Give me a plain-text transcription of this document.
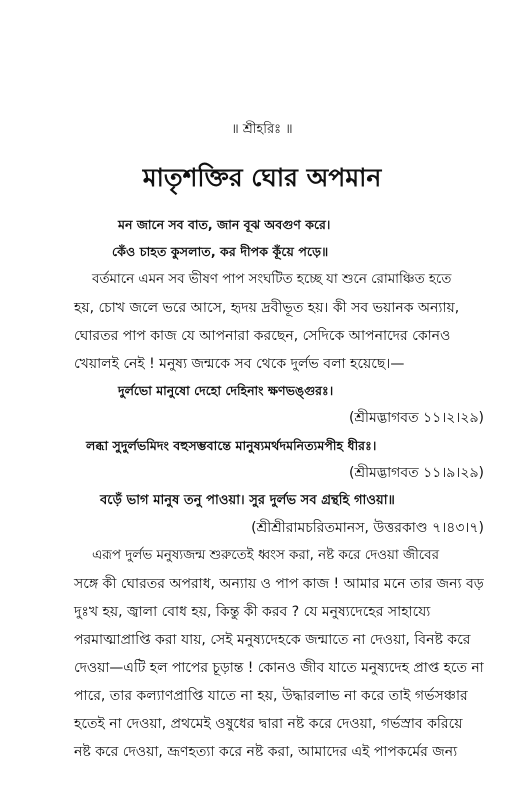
॥ শ্রীহরিঃ ॥
মাতৃশক্তির ঘোর অপমান
মন জানে সব বাত, জান বূঝ অবগুণ করে।
কেঁও চাহত কুসলাত, কর দীপক কূঁয়ে পড়ে॥
বর্তমানে এমন সব ভীষণ পাপ সংঘটিত হচ্ছে যা শুনে রোমাঞ্চিত হতে
হয়, চোখ জলে ভরে আসে, হৃদয় দ্রবীভূত হয়। কী সব ভয়ানক অন্যায়,
ঘোরতর পাপ কাজ যে আপনারা করছেন, সেদিকে আপনাদের কোনও
খেয়ালই নেই ! মনুষ্য জন্মকে সব থেকে দুর্লভ বলা হয়েছে।—
দুর্লভো মানুষো দেহো দেহিনাং ক্ষণভঙ্গুরঃ।
(শ্রীমদ্ভাগবত ১১।২।২৯)
লব্ধা সুদুর্লভমিদং বহুসম্ভবান্তে মানুষ্যমর্থদমনিত্যমপীহ ধীরঃ।
(শ্রীমদ্ভাগবত ১১।৯।২৯)
বড়েঁ ভাগ মানুষ তনু পাওয়া। সুর দুর্লভ সব গ্রন্থহি গাওয়া॥
(শ্রীশ্রীরামচরিতমানস, উত্তরকাণ্ড ৭।৪৩।৭)
এরূপ দুর্লভ মনুষ্যজন্ম শুরুতেই ধ্বংস করা, নষ্ট করে দেওয়া জীবের
সঙ্গে কী ঘোরতর অপরাধ, অন্যায় ও পাপ কাজ ! আমার মনে তার জন্য বড়
দুঃখ হয়, জ্বালা বোধ হয়, কিন্তু কী করব ? যে মনুষ্যদেহের সাহায্যে
পরমাত্মাপ্রাপ্তি করা যায়, সেই মনুষ্যদেহকে জন্মাতে না দেওয়া, বিনষ্ট করে
দেওয়া—এটি হল পাপের চূড়ান্ত ! কোনও জীব যাতে মনুষ্যদেহ প্রাপ্ত হতে না
পারে, তার কল্যাণপ্রাপ্তি যাতে না হয়, উদ্ধারলাভ না করে তাই গর্ভসঞ্চার
হতেই না দেওয়া, প্রথমেই ওষুধের দ্বারা নষ্ট করে দেওয়া, গর্ভস্রাব করিয়ে
নষ্ট করে দেওয়া, ভ্রূণহত্যা করে নষ্ট করা, আমাদের এই পাপকর্মের জন্য
